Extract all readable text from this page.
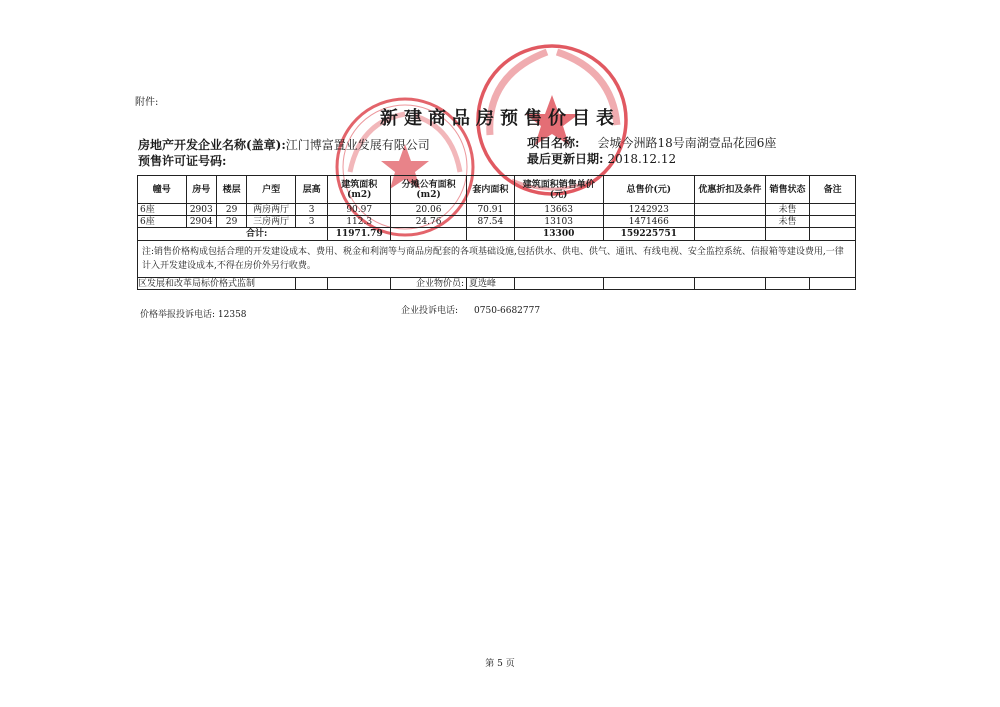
附件:
新建商品房预售价目表
房地产开发企业名称(盖章):江门博富置业发展有限公司
预售许可证号码:
项目名称: 会城今洲路18号南湖壹品花园6座
最后更新日期: 2018.12.12
幢号	房号	楼层	户型	层高	建筑面积(m2)	分摊公有面积(m2)	套内面积	建筑面积销售单价(元)	总售价(元)	优惠折扣及条件	销售状态	备注
6座	2903	29	两房两厅	3	90.97	20.06	70.91	13663	1242923		未售	
6座	2904	29	三房两厅	3	112.3	24.76	87.54	13103	1471466		未售	
合计:					11971.79			13300	159225751			
注:销售价格构成包括合理的开发建设成本、费用、税金和利润等与商品房配套的各项基础设施,包括供水、供电、供气、通讯、有线电视、安全监控系统、信报箱等建设费用,一律计入开发建设成本,不得在房价外另行收费。												
区发展和改革局标价格式监制						企业物价员:	夏选峰					
价格举报投诉电话: 12358	企业投诉电话: 0750-6682777
第 5 页
